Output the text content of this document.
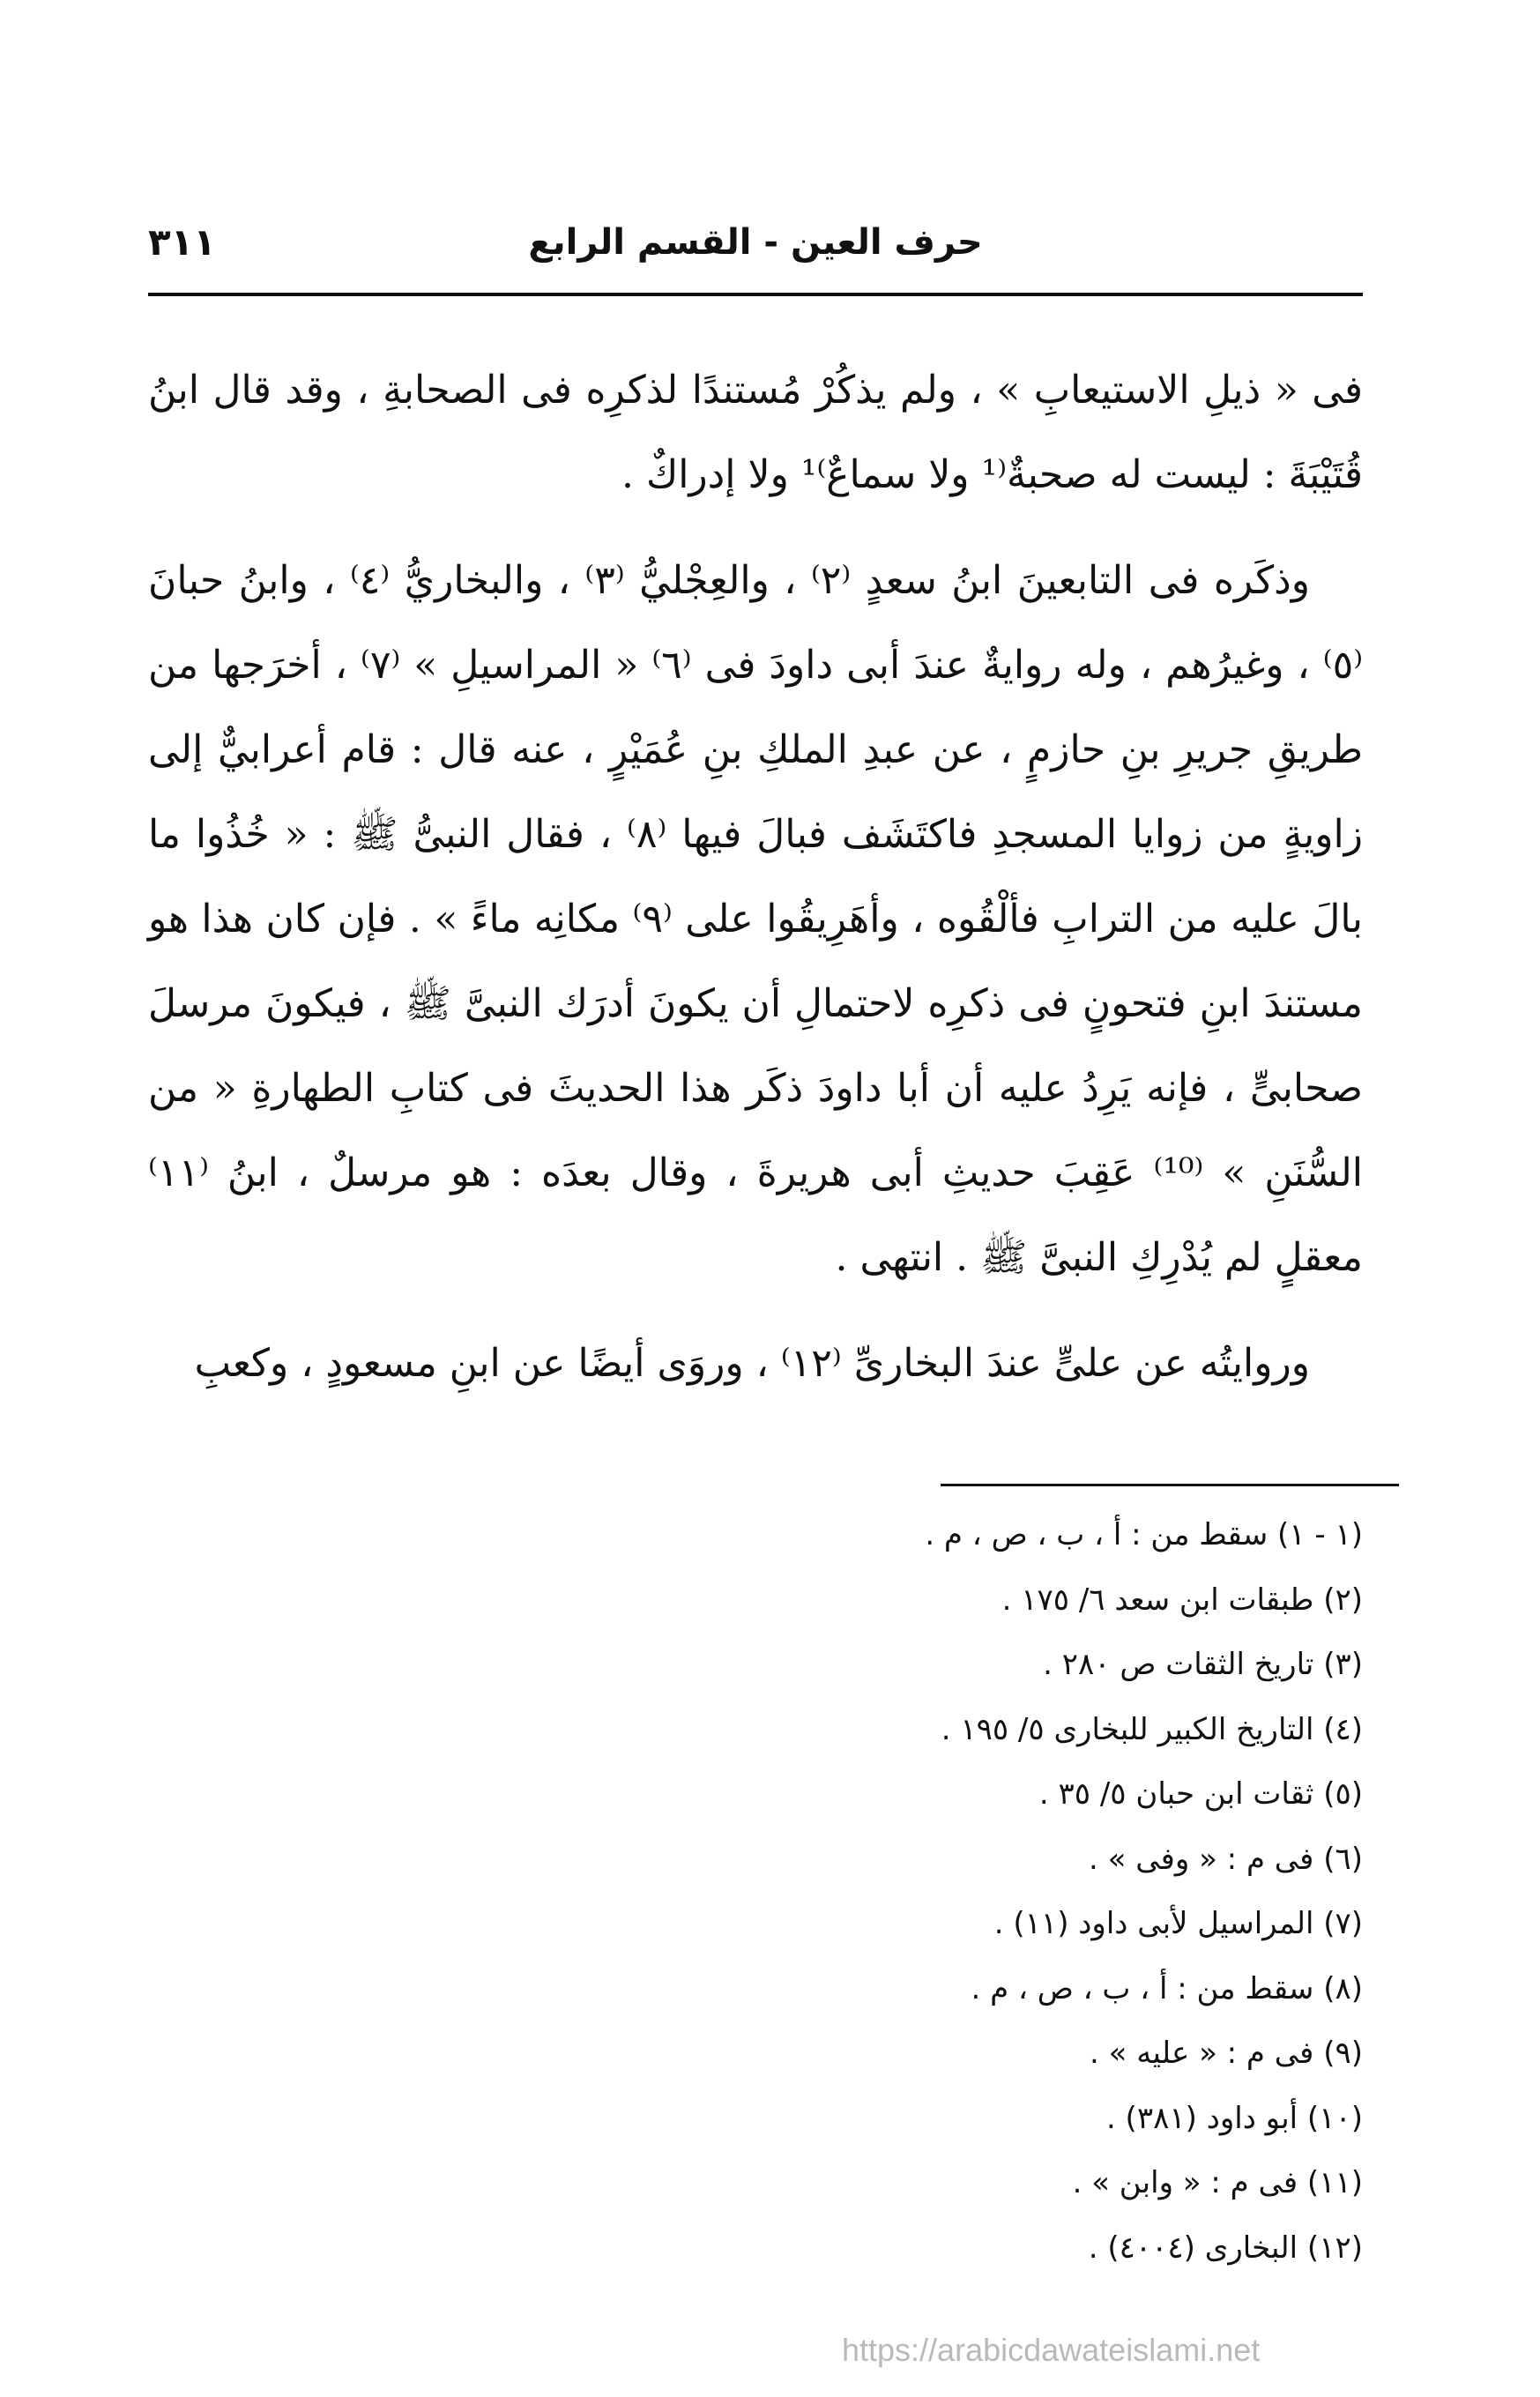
حرف العين - القسم الرابع
٣١١

فى « ذيلِ الاستيعابِ » ، ولم يذكُرْ مُستندًا لذكرِه فى الصحابةِ ، وقد قال ابنُ قُتَيْبَةَ : ليست له صحبةٌ⁽¹ ولا سماعٌ⁾¹ ولا إدراكٌ .

وذكَره فى التابعينَ ابنُ سعدٍ ⁽٢⁾ ، والعِجْليُّ ⁽٣⁾ ، والبخاريُّ ⁽٤⁾ ، وابنُ حبانَ ⁽٥⁾ ، وغيرُهم ، وله روايةٌ عندَ أبى داودَ فى ⁽٦⁾ « المراسيلِ » ⁽٧⁾ ، أخرَجها من طريقِ جريرِ بنِ حازمٍ ، عن عبدِ الملكِ بنِ عُمَيْرٍ ، عنه قال : قام أعرابيٌّ إلى زاويةٍ من زوايا المسجدِ فاكتَشَف فبالَ فيها ⁽٨⁾ ، فقال النبىُّ ﷺ : « خُذُوا ما بالَ عليه من الترابِ فألْقُوه ، وأهَرِيقُوا على ⁽٩⁾ مكانِه ماءً » . فإن كان هذا هو مستندَ ابنِ فتحونٍ فى ذكرِه لاحتمالِ أن يكونَ أدرَك النبىَّ ﷺ ، فيكونَ مرسلَ صحابىٍّ ، فإنه يَرِدُ عليه أن أبا داودَ ذكَر هذا الحديثَ فى كتابِ الطهارةِ « من السُّنَنِ » ⁽¹⁰⁾ عَقِبَ حديثِ أبى هريرةَ ، وقال بعدَه : هو مرسلٌ ، ابنُ ⁽١١⁾ معقلٍ لم يُدْرِكِ النبىَّ ﷺ . انتهى .

وروايتُه عن علىٍّ عندَ البخارىِّ ⁽١٢⁾ ، وروَى أيضًا عن ابنِ مسعودٍ ، وكعبِ

(١ - ١) سقط من : أ ، ب ، ص ، م .
(٢) طبقات ابن سعد ٦/ ١٧٥ .
(٣) تاريخ الثقات ص ٢٨٠ .
(٤) التاريخ الكبير للبخارى ٥/ ١٩٥ .
(٥) ثقات ابن حبان ٥/ ٣٥ .
(٦) فى م : « وفى » .
(٧) المراسيل لأبى داود (١١) .
(٨) سقط من : أ ، ب ، ص ، م .
(٩) فى م : « عليه » .
(١٠) أبو داود (٣٨١) .
(١١) فى م : « وابن » .
(١٢) البخارى (٤٠٠٤) .
https://arabicdawateislami.net
